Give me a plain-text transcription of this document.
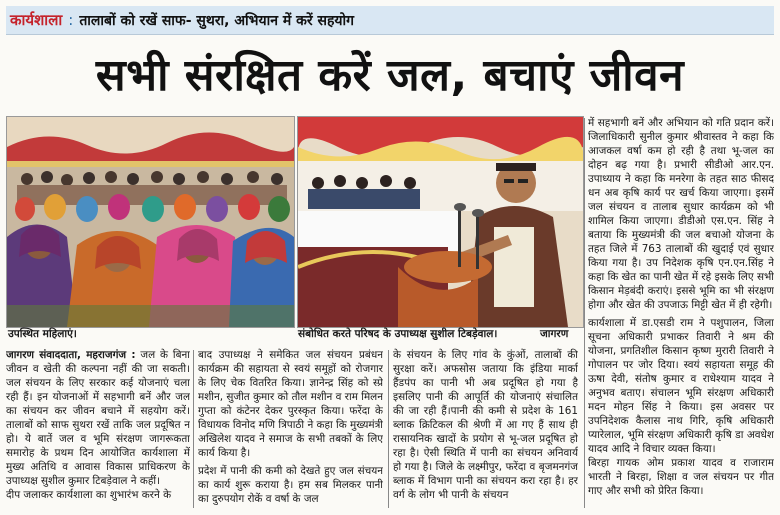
कार्यशाला : तालाबों को रखें साफ- सुथरा, अभियान में करें सहयोग
सभी संरक्षित करें जल, बचाएं जीवन
उपस्थित महिलाएं।	संबोधित करते परिषद के उपाध्यक्ष सुशील टिबड़ेवाल।	जागरण

जागरण संवाददाता, महराजगंज : जल के बिना जीवन व खेती की कल्पना नहीं की जा सकती। जल संचयन के लिए सरकार कई योजनाएं चला रही हैं। इन योजनाओं में सहभागी बनें और जल का संचयन कर जीवन बचाने में सहयोग करें। तालाबों को साफ सुथरा रखें ताकि जल प्रदूषित न हो। ये बातें जल व भूमि संरक्षण जागरूकता समारोह के प्रथम दिन आयोजित कार्यशाला में मुख्य अतिथि व आवास विकास प्राधिकरण के उपाध्यक्ष सुशील कुमार टिबड़ेवाल ने कहीं।

दीप जलाकर कार्यशाला का शुभारंभ करने के

बाद उपाध्यक्ष ने समेकित जल संचयन प्रबंधन कार्यक्रम की सहायता से स्वयं समूहों को रोजगार के लिए चेक वितरित किया। ज्ञानेन्द्र सिंह को स्प्रे मशीन, सुजीत कुमार को तौल मशीन व राम मिलन गुप्ता को कंटेनर देकर पुरस्कृत किया। फरेंदा के विधायक विनोद मणि त्रिपाठी ने कहा कि मुख्यमंत्री अखिलेश यादव ने समाज के सभी तबकों के लिए कार्य किया है।

प्रदेश में पानी की कमी को देखते हुए जल संचयन का कार्य शुरू कराया है। हम सब मिलकर पानी का दुरुपयोग रोकें व वर्षा के जल

के संचयन के लिए गांव के कुंओं, तालाबों की सुरक्षा करें। अफसोस जताया कि इंडिया मार्का हैंडपंप का पानी भी अब प्रदूषित हो गया है इसलिए पानी की आपूर्ति की योजनाएं संचालित की जा रही हैं।पानी की कमी से प्रदेश के 161 ब्लाक क्रिटिकल की श्रेणी में आ गए हैं साथ ही रासायनिक खादों के प्रयोग से भू-जल प्रदूषित हो रहा है। ऐसी स्थिति में पानी का संचयन अनिवार्य हो गया है। जिले के लक्ष्मीपुर, फरेंदा व बृजमनगंज ब्लाक में विभाग पानी का संचयन करा रहा है। हर वर्ग के लोग भी पानी के संचयन

में सहभागी बनें और अभियान को गति प्रदान करें। जिलाधिकारी सुनील कुमार श्रीवास्तव ने कहा कि आजकल वर्षा कम हो रही है तथा भू-जल का दोहन बढ़ गया है। प्रभारी सीडीओ आर.एन. उपाध्याय ने कहा कि मनरेगा के तहत साठ फीसद धन अब कृषि कार्य पर खर्च किया जाएगा। इसमें जल संचयन व तालाब सुधार कार्यक्रम को भी शामिल किया जाएगा। डीडीओ एस.एन. सिंह ने बताया कि मुख्यमंत्री की जल बचाओ योजना के तहत जिले में 763 तालाबों की खुदाई एवं सुधार किया गया है। उप निदेशक कृषि एन.एन.सिंह ने कहा कि खेत का पानी खेत में रहे इसके लिए सभी किसान मेड़बंदी कराएं। इससे भूमि का भी संरक्षण होगा और खेत की उपजाऊ मिट्टी खेत में ही रहेगी।

कार्यशाला में डा.एसडी राम ने पशुपालन, जिला सूचना अधिकारी प्रभाकर तिवारी ने श्रम की योजना, प्रगतिशील किसान कृष्ण मुरारी तिवारी ने गोपालन पर जोर दिया। स्वयं सहायता समूह की ऊषा देवी, संतोष कुमार व राधेश्याम यादव ने अनुभव बताए। संचालन भूमि संरक्षण अधिकारी मदन मोहन सिंह ने किया। इस अवसर पर उपनिदेशक कैलास नाथ गिरि, कृषि अधिकारी प्यारेलाल, भूमि संरक्षण अधिकारी कृषि डा अवधेश यादव आदि ने विचार व्यक्त किया।

बिरहा गायक ओम प्रकाश यादव व राजाराम भारती ने बिरहा, शिक्षा व जल संचयन पर गीत गाए और सभी को प्रेरित किया।
